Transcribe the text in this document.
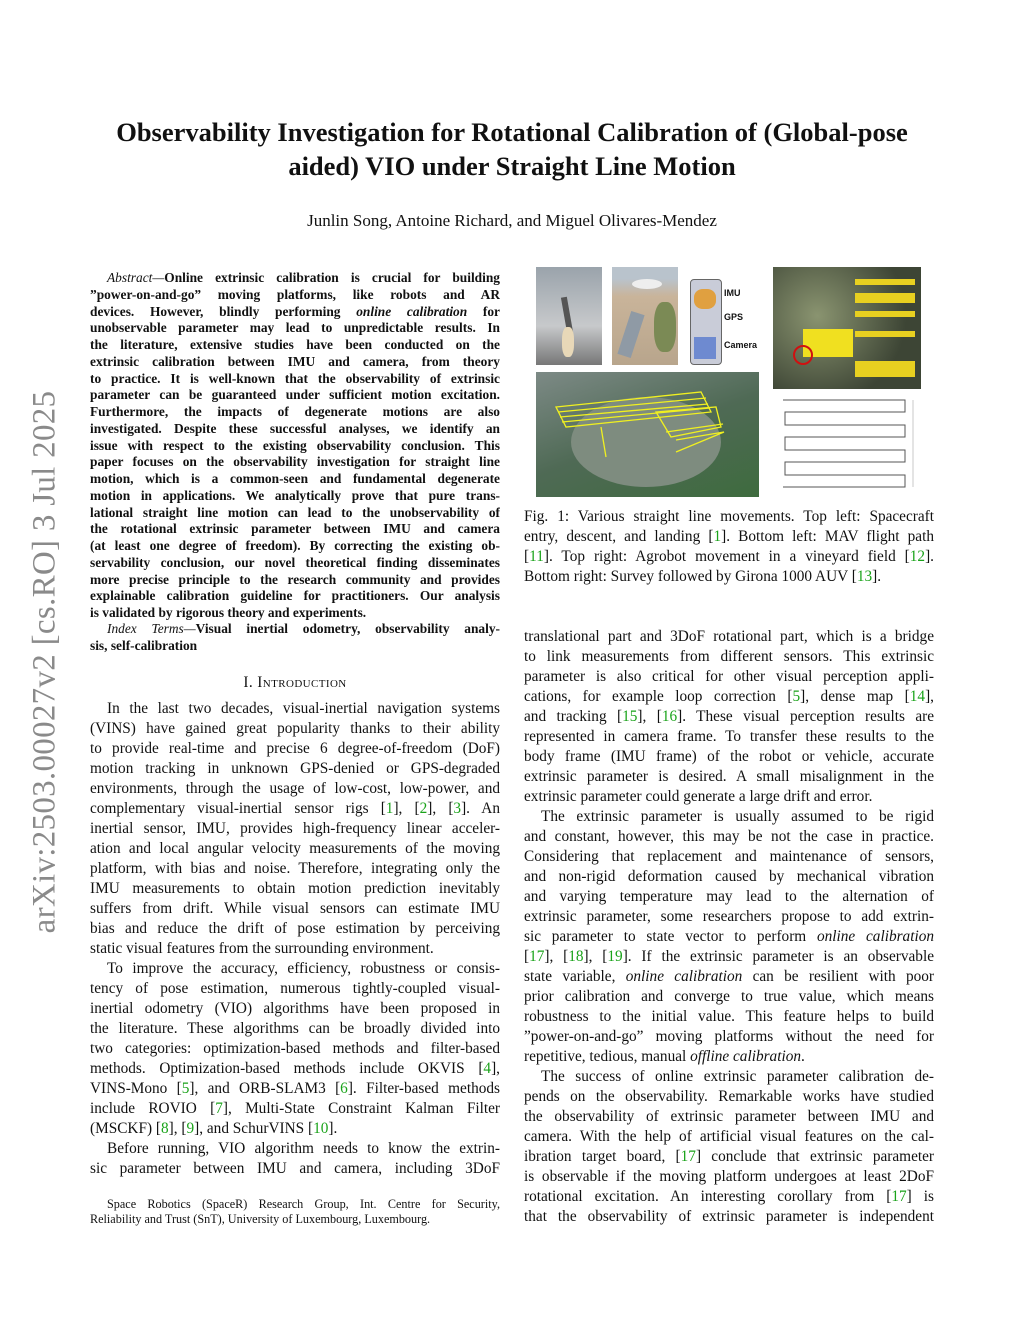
arXiv:2503.00027v2 [cs.RO] 3 Jul 2025
Observability Investigation for Rotational Calibration of (Global-pose
aided) VIO under Straight Line Motion
Junlin Song, Antoine Richard, and Miguel Olivares-Mendez
Abstract—Online extrinsic calibration is crucial for building
”power-on-and-go” moving platforms, like robots and AR
devices. However, blindly performing online calibration for
unobservable parameter may lead to unpredictable results. In
the literature, extensive studies have been conducted on the
extrinsic calibration between IMU and camera, from theory
to practice. It is well-known that the observability of extrinsic
parameter can be guaranteed under sufficient motion excitation.
Furthermore, the impacts of degenerate motions are also
investigated. Despite these successful analyses, we identify an
issue with respect to the existing observability conclusion. This
paper focuses on the observability investigation for straight line
motion, which is a common-seen and fundamental degenerate
motion in applications. We analytically prove that pure trans-
lational straight line motion can lead to the unobservability of
the rotational extrinsic parameter between IMU and camera
(at least one degree of freedom). By correcting the existing ob-
servability conclusion, our novel theoretical finding disseminates
more precise principle to the research community and provides
explainable calibration guideline for practitioners. Our analysis
is validated by rigorous theory and experiments.
Index Terms—Visual inertial odometry, observability analy-
sis, self-calibration
I. Introduction
In the last two decades, visual-inertial navigation systems
(VINS) have gained great popularity thanks to their ability
to provide real-time and precise 6 degree-of-freedom (DoF)
motion tracking in unknown GPS-denied or GPS-degraded
environments, through the usage of low-cost, low-power, and
complementary visual-inertial sensor rigs [1], [2], [3]. An
inertial sensor, IMU, provides high-frequency linear acceler-
ation and local angular velocity measurements of the moving
platform, with bias and noise. Therefore, integrating only the
IMU measurements to obtain motion prediction inevitably
suffers from drift. While visual sensors can estimate IMU
bias and reduce the drift of pose estimation by perceiving
static visual features from the surrounding environment.
To improve the accuracy, efficiency, robustness or consis-
tency of pose estimation, numerous tightly-coupled visual-
inertial odometry (VIO) algorithms have been proposed in
the literature. These algorithms can be broadly divided into
two categories: optimization-based methods and filter-based
methods. Optimization-based methods include OKVIS [4],
VINS-Mono [5], and ORB-SLAM3 [6]. Filter-based methods
include ROVIO [7], Multi-State Constraint Kalman Filter
(MSCKF) [8], [9], and SchurVINS [10].
Before running, VIO algorithm needs to know the extrin-
sic parameter between IMU and camera, including 3DoF
Space Robotics (SpaceR) Research Group, Int. Centre for Security,
Reliability and Trust (SnT), University of Luxembourg, Luxembourg.
IMU
GPS
Camera
Fig. 1: Various straight line movements. Top left: Spacecraft
entry, descent, and landing [1]. Bottom left: MAV flight path
[11]. Top right: Agrobot movement in a vineyard field [12].
Bottom right: Survey followed by Girona 1000 AUV [13].
translational part and 3DoF rotational part, which is a bridge
to link measurements from different sensors. This extrinsic
parameter is also critical for other visual perception appli-
cations, for example loop correction [5], dense map [14],
and tracking [15], [16]. These visual perception results are
represented in camera frame. To transfer these results to the
body frame (IMU frame) of the robot or vehicle, accurate
extrinsic parameter is desired. A small misalignment in the
extrinsic parameter could generate a large drift and error.
The extrinsic parameter is usually assumed to be rigid
and constant, however, this may be not the case in practice.
Considering that replacement and maintenance of sensors,
and non-rigid deformation caused by mechanical vibration
and varying temperature may lead to the alternation of
extrinsic parameter, some researchers propose to add extrin-
sic parameter to state vector to perform online calibration
[17], [18], [19]. If the extrinsic parameter is an observable
state variable, online calibration can be resilient with poor
prior calibration and converge to true value, which means
robustness to the initial value. This feature helps to build
”power-on-and-go” moving platforms without the need for
repetitive, tedious, manual offline calibration.
The success of online extrinsic parameter calibration de-
pends on the observability. Remarkable works have studied
the observability of extrinsic parameter between IMU and
camera. With the help of artificial visual features on the cal-
ibration target board, [17] conclude that extrinsic parameter
is observable if the moving platform undergoes at least 2DoF
rotational excitation. An interesting corollary from [17] is
that the observability of extrinsic parameter is independent
